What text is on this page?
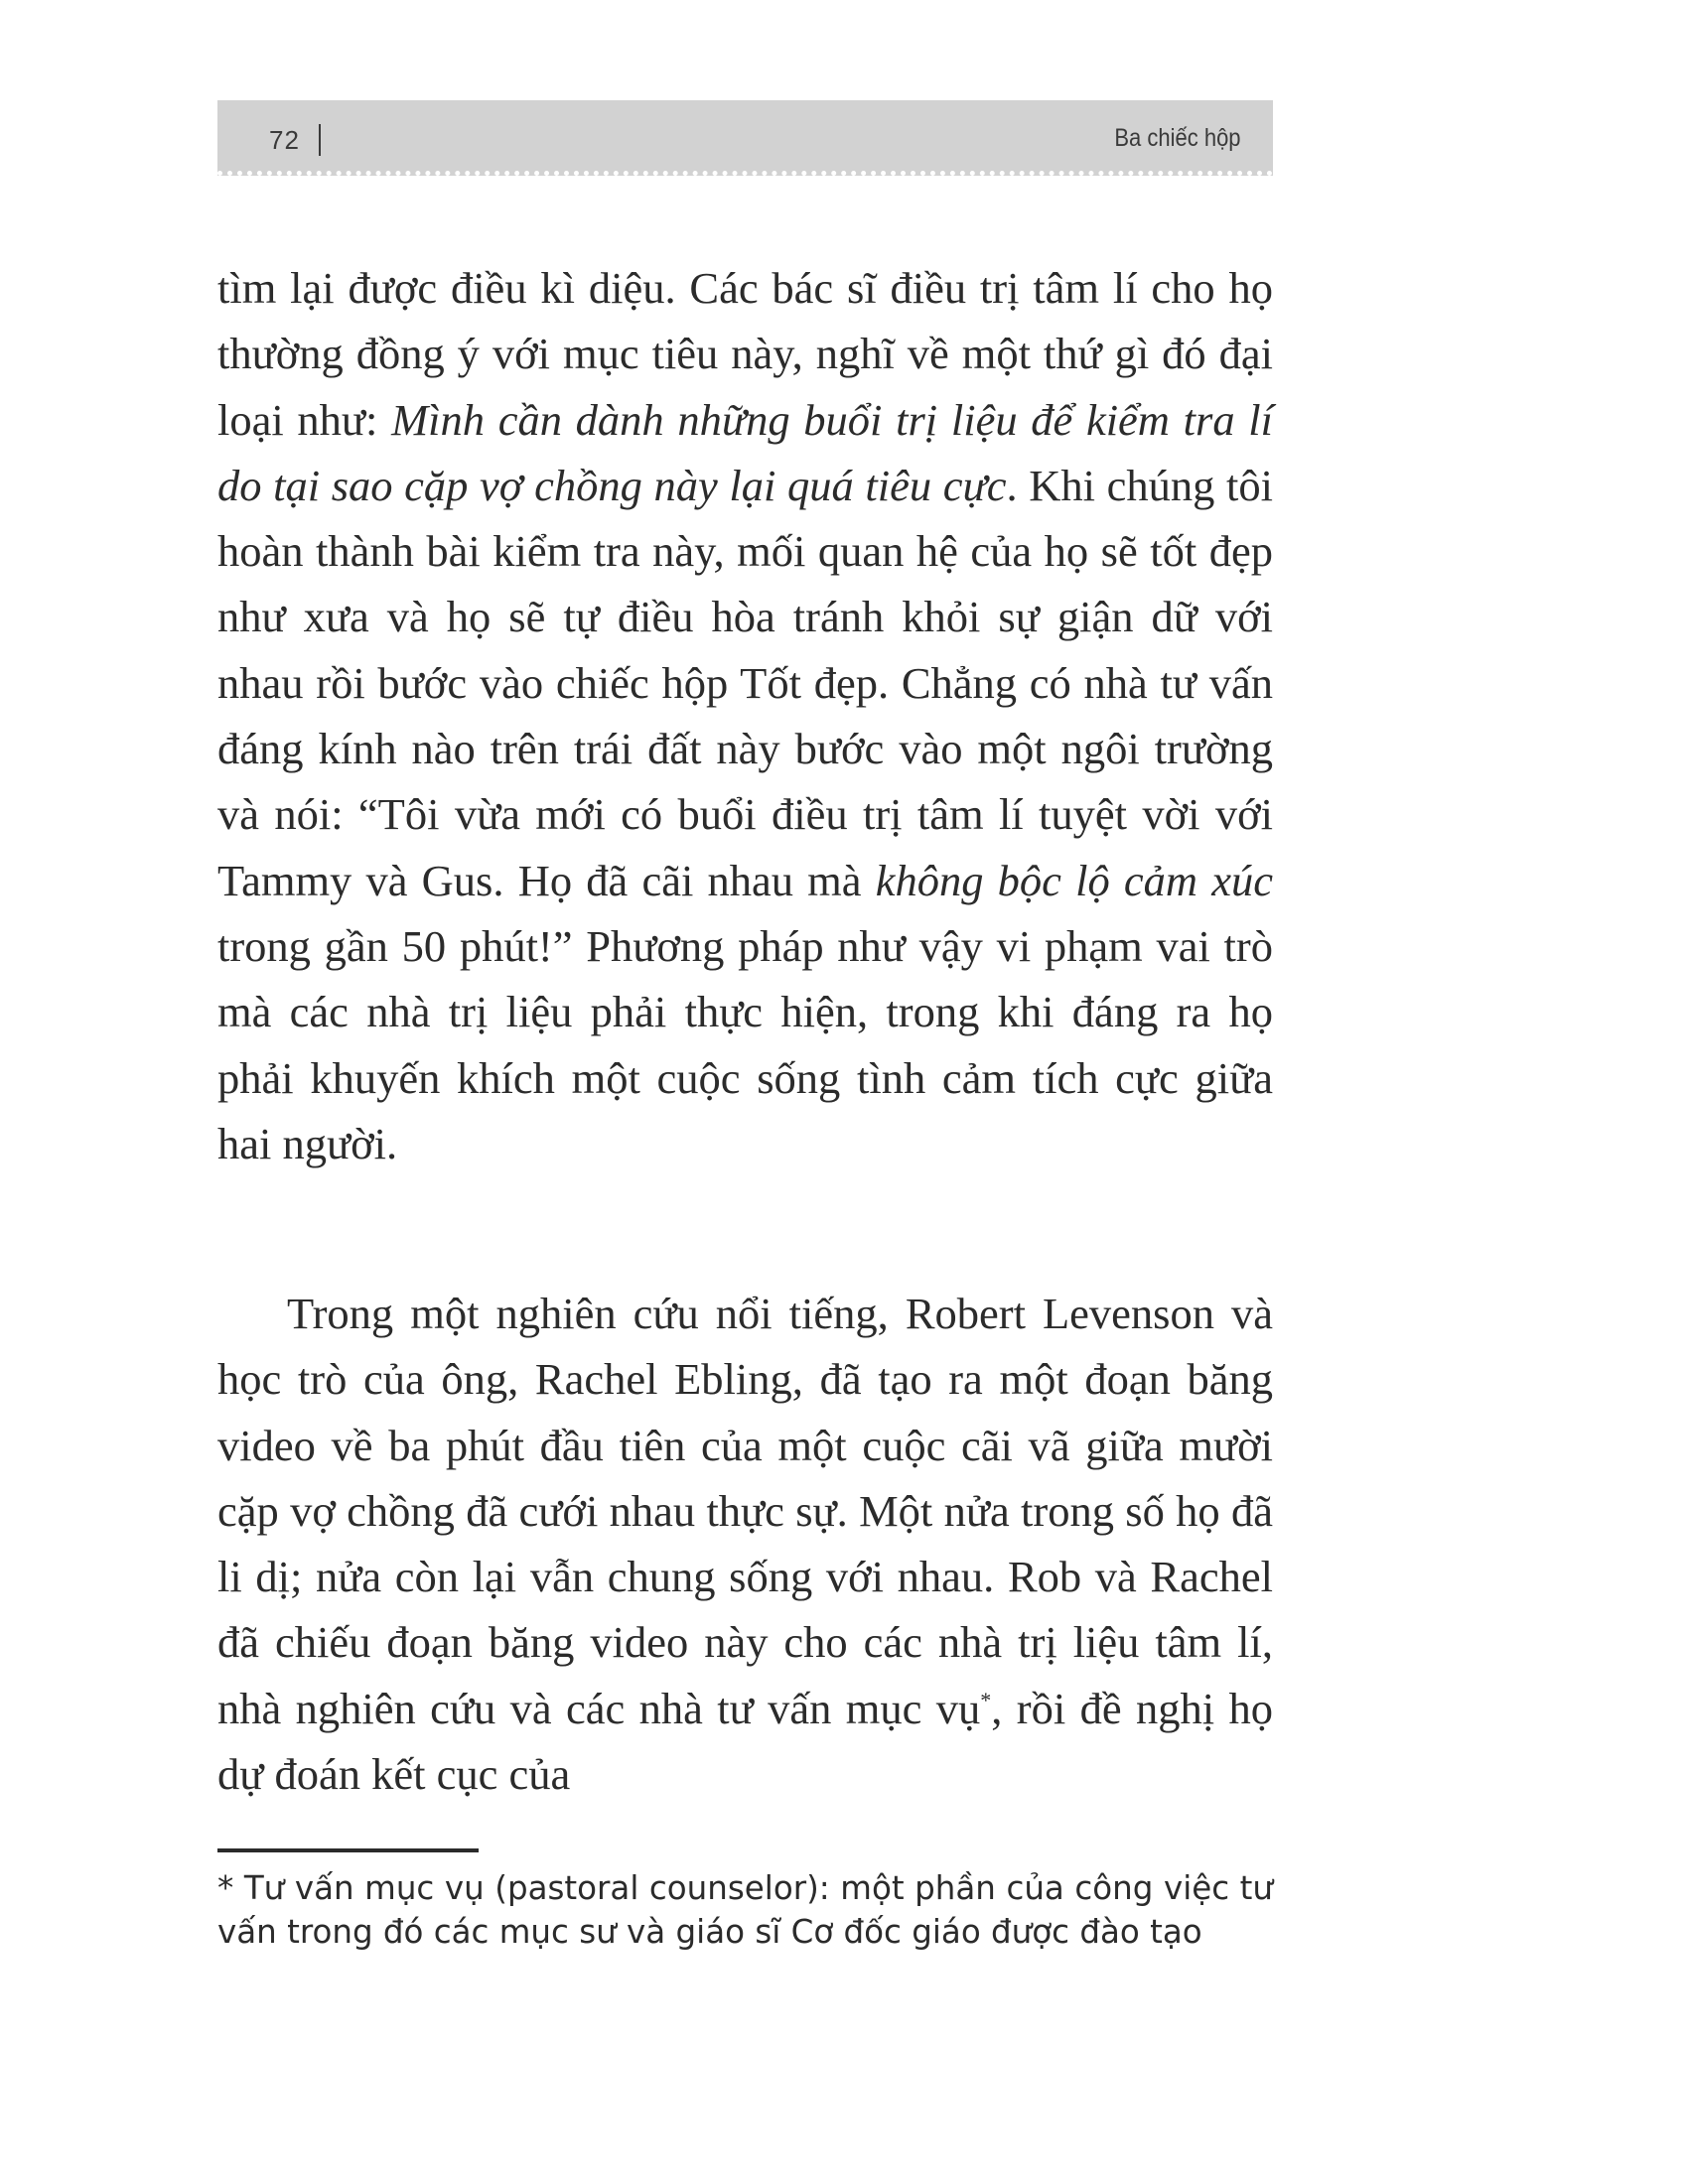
72	Ba chiếc hộp

tìm lại được điều kì diệu. Các bác sĩ điều trị tâm lí cho họ thường đồng ý với mục tiêu này, nghĩ về một thứ gì đó đại loại như: Mình cần dành những buổi trị liệu để kiểm tra lí do tại sao cặp vợ chồng này lại quá tiêu cực. Khi chúng tôi hoàn thành bài kiểm tra này, mối quan hệ của họ sẽ tốt đẹp như xưa và họ sẽ tự điều hòa tránh khỏi sự giận dữ với nhau rồi bước vào chiếc hộp Tốt đẹp. Chẳng có nhà tư vấn đáng kính nào trên trái đất này bước vào một ngôi trường và nói: “Tôi vừa mới có buổi điều trị tâm lí tuyệt vời với Tammy và Gus. Họ đã cãi nhau mà không bộc lộ cảm xúc trong gần 50 phút!” Phương pháp như vậy vi phạm vai trò mà các nhà trị liệu phải thực hiện, trong khi đáng ra họ phải khuyến khích một cuộc sống tình cảm tích cực giữa hai người.

Trong một nghiên cứu nổi tiếng, Robert Levenson và học trò của ông, Rachel Ebling, đã tạo ra một đoạn băng video về ba phút đầu tiên của một cuộc cãi vã giữa mười cặp vợ chồng đã cưới nhau thực sự. Một nửa trong số họ đã li dị; nửa còn lại vẫn chung sống với nhau. Rob và Rachel đã chiếu đoạn băng video này cho các nhà trị liệu tâm lí, nhà nghiên cứu và các nhà tư vấn mục vụ*, rồi đề nghị họ dự đoán kết cục của

* Tư vấn mục vụ (pastoral counselor): một phần của công việc tư vấn trong đó các mục sư và giáo sĩ Cơ đốc giáo được đào tạo
